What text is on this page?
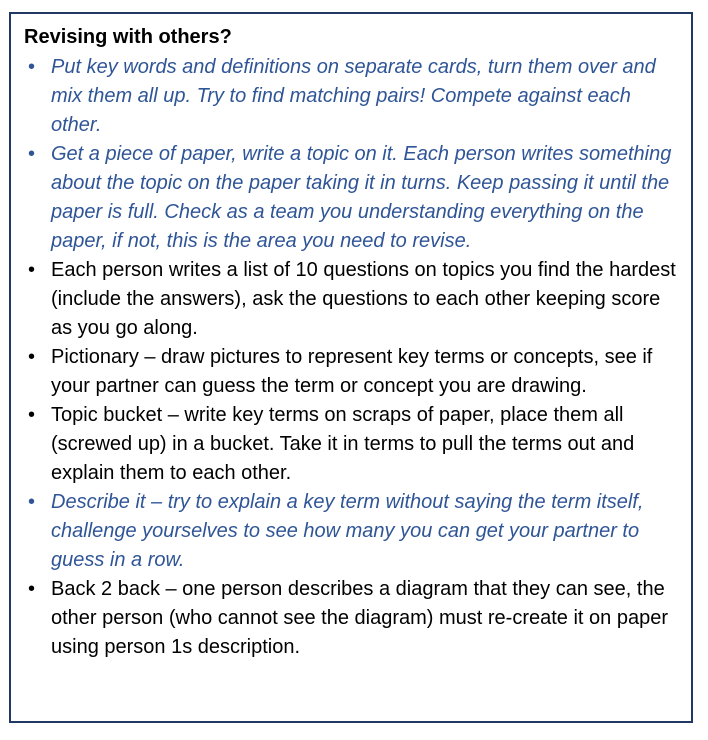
Revising with others?
• Put key words and definitions on separate cards, turn them over and mix them all up. Try to find matching pairs! Compete against each other.
• Get a piece of paper, write a topic on it. Each person writes something about the topic on the paper taking it in turns. Keep passing it until the paper is full. Check as a team you understanding everything on the paper, if not, this is the area you need to revise.
• Each person writes a list of 10 questions on topics you find the hardest (include the answers), ask the questions to each other keeping score as you go along.
• Pictionary – draw pictures to represent key terms or concepts, see if your partner can guess the term or concept you are drawing.
• Topic bucket – write key terms on scraps of paper, place them all (screwed up) in a bucket. Take it in terms to pull the terms out and explain them to each other.
• Describe it – try to explain a key term without saying the term itself, challenge yourselves to see how many you can get your partner to guess in a row.
• Back 2 back – one person describes a diagram that they can see, the other person (who cannot see the diagram) must re-create it on paper using person 1s description.
